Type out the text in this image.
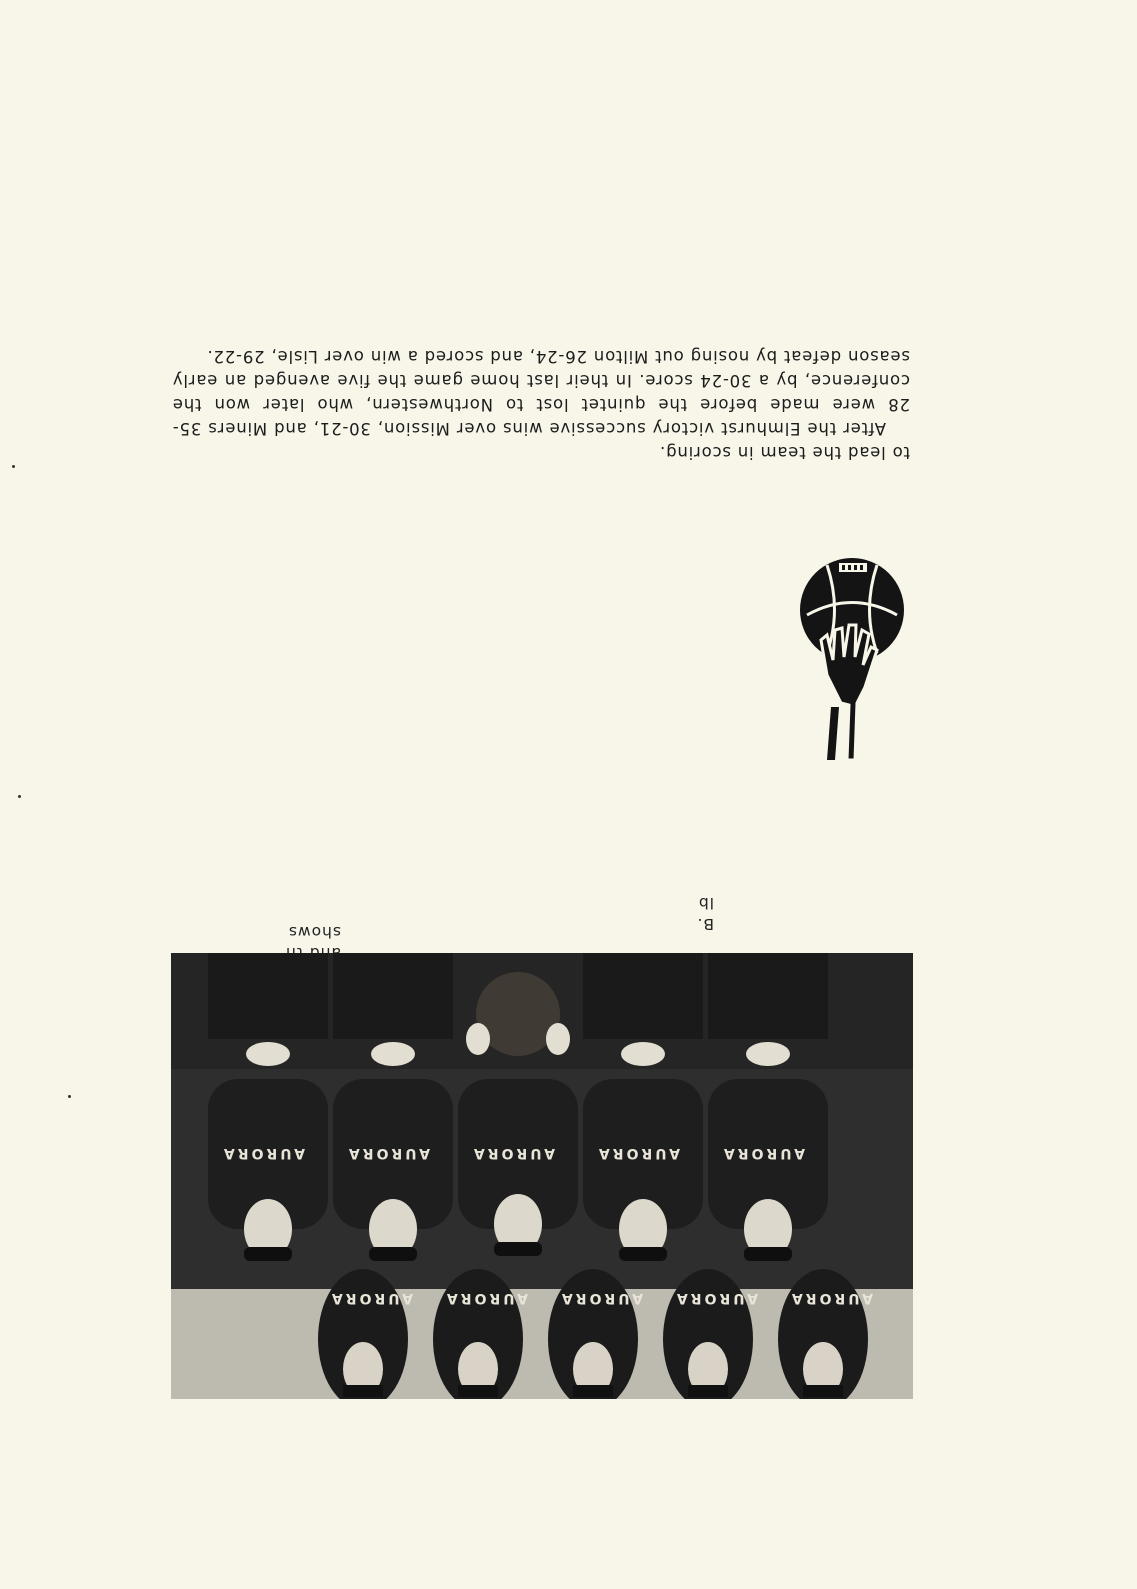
shows	B.
lb

to lead the team in scoring.

After the Elmhurst victory successive wins over Mission, 30-21, and Miners 35-28 were made before the quintet lost to Northwestern, who later won the conference, by a 30-24 score. In their last home game the five avenged an early season defeat by nosing out Milton 26-24, and scored a win over Lisle, 29-22.

AURORA
AURORA
AURORA
AURORA
AURORA
AURORA
AURORA
AURORA
AURORA
AURORA
